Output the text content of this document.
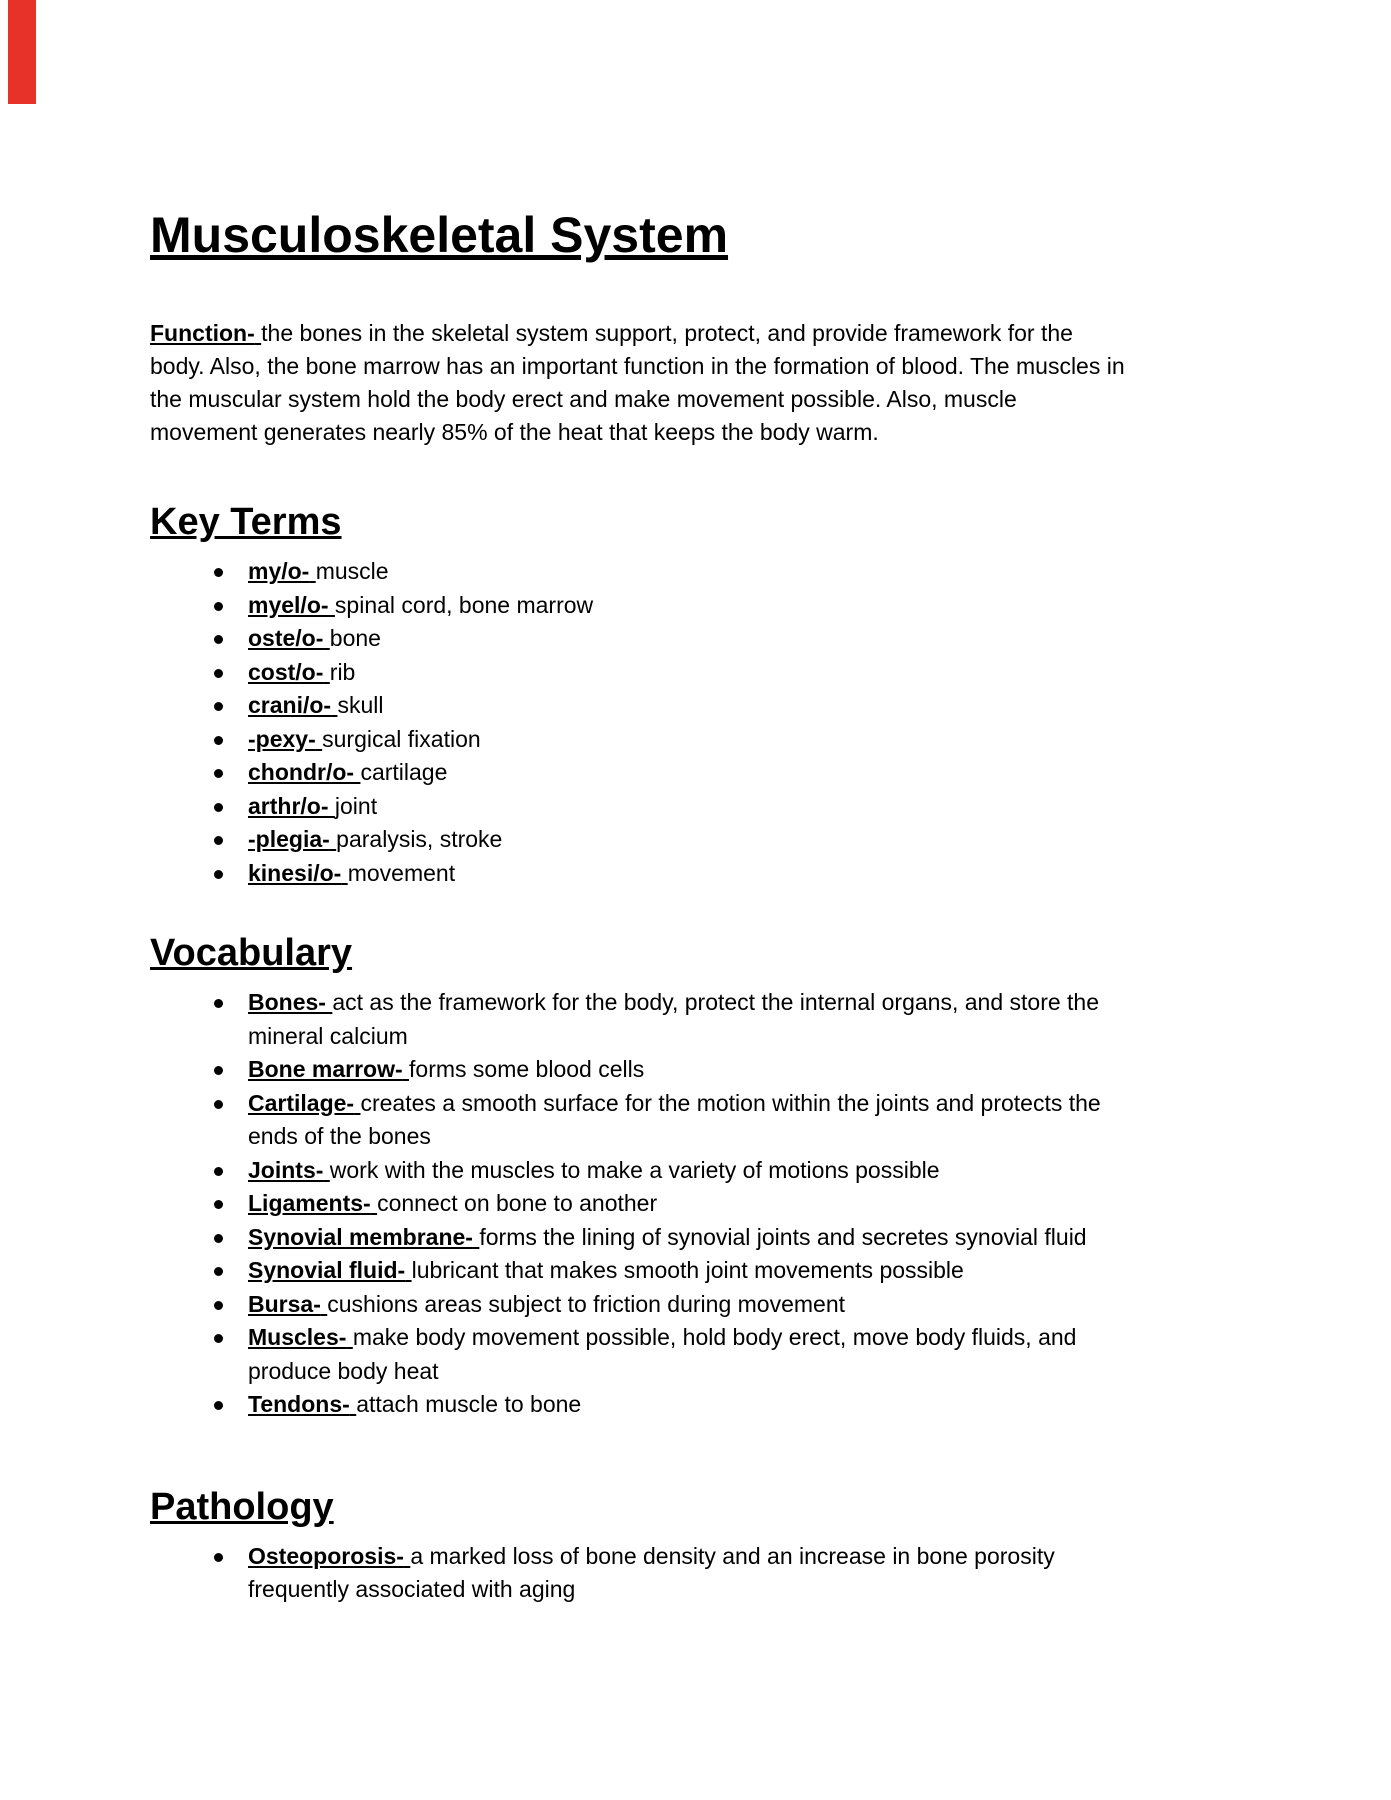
Musculoskeletal System

Function- the bones in the skeletal system support, protect, and provide framework for the
body. Also, the bone marrow has an important function in the formation of blood. The muscles in
the muscular system hold the body erect and make movement possible. Also, muscle
movement generates nearly 85% of the heat that keeps the body warm.

Key Terms
my/o- muscle
myel/o- spinal cord, bone marrow
oste/o- bone
cost/o- rib
crani/o- skull
-pexy- surgical fixation
chondr/o- cartilage
arthr/o- joint
-plegia- paralysis, stroke
kinesi/o- movement
Vocabulary
Bones- act as the framework for the body, protect the internal organs, and store the
mineral calcium
Bone marrow- forms some blood cells
Cartilage- creates a smooth surface for the motion within the joints and protects the
ends of the bones
Joints- work with the muscles to make a variety of motions possible
Ligaments- connect on bone to another
Synovial membrane- forms the lining of synovial joints and secretes synovial fluid
Synovial fluid- lubricant that makes smooth joint movements possible
Bursa- cushions areas subject to friction during movement
Muscles- make body movement possible, hold body erect, move body fluids, and
produce body heat
Tendons- attach muscle to bone
Pathology
Osteoporosis- a marked loss of bone density and an increase in bone porosity
frequently associated with aging
